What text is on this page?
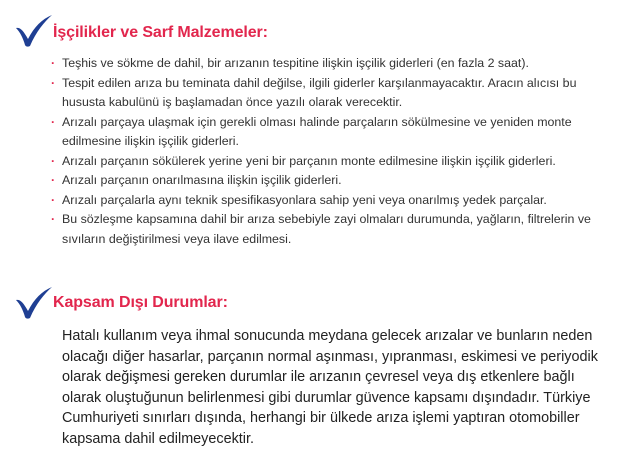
İşçilikler ve Sarf Malzemeler:
· Teşhis ve sökme de dahil, bir arızanın tespitine ilişkin işçilik giderleri (en fazla 2 saat).
· Tespit edilen arıza bu teminata dahil değilse, ilgili giderler karşılanmayacaktır. Aracın alıcısı bu hususta kabulünü iş başlamadan önce yazılı olarak verecektir.
· Arızalı parçaya ulaşmak için gerekli olması halinde parçaların sökülmesine ve yeniden monte edilmesine ilişkin işçilik giderleri.
· Arızalı parçanın sökülerek yerine yeni bir parçanın monte edilmesine ilişkin işçilik giderleri.
· Arızalı parçanın onarılmasına ilişkin işçilik giderleri.
· Arızalı parçalarla aynı teknik spesifikasyonlara sahip yeni veya onarılmış yedek parçalar.
· Bu sözleşme kapsamına dahil bir arıza sebebiyle zayi olmaları durumunda, yağların, filtrelerin ve sıvıların değiştirilmesi veya ilave edilmesi.
Kapsam Dışı Durumlar:

Hatalı kullanım veya ihmal sonucunda meydana gelecek arızalar ve bunların neden olacağı diğer hasarlar, parçanın normal aşınması, yıpranması, eskimesi ve periyodik olarak değişmesi gereken durumlar ile arızanın çevresel veya dış etkenlere bağlı olarak oluştuğunun belirlenmesi gibi durumlar güvence kapsamı dışındadır. Türkiye Cumhuriyeti sınırları dışında, herhangi bir ülkede arıza işlemi yaptıran otomobiller kapsama dahil edilmeyecektir.
